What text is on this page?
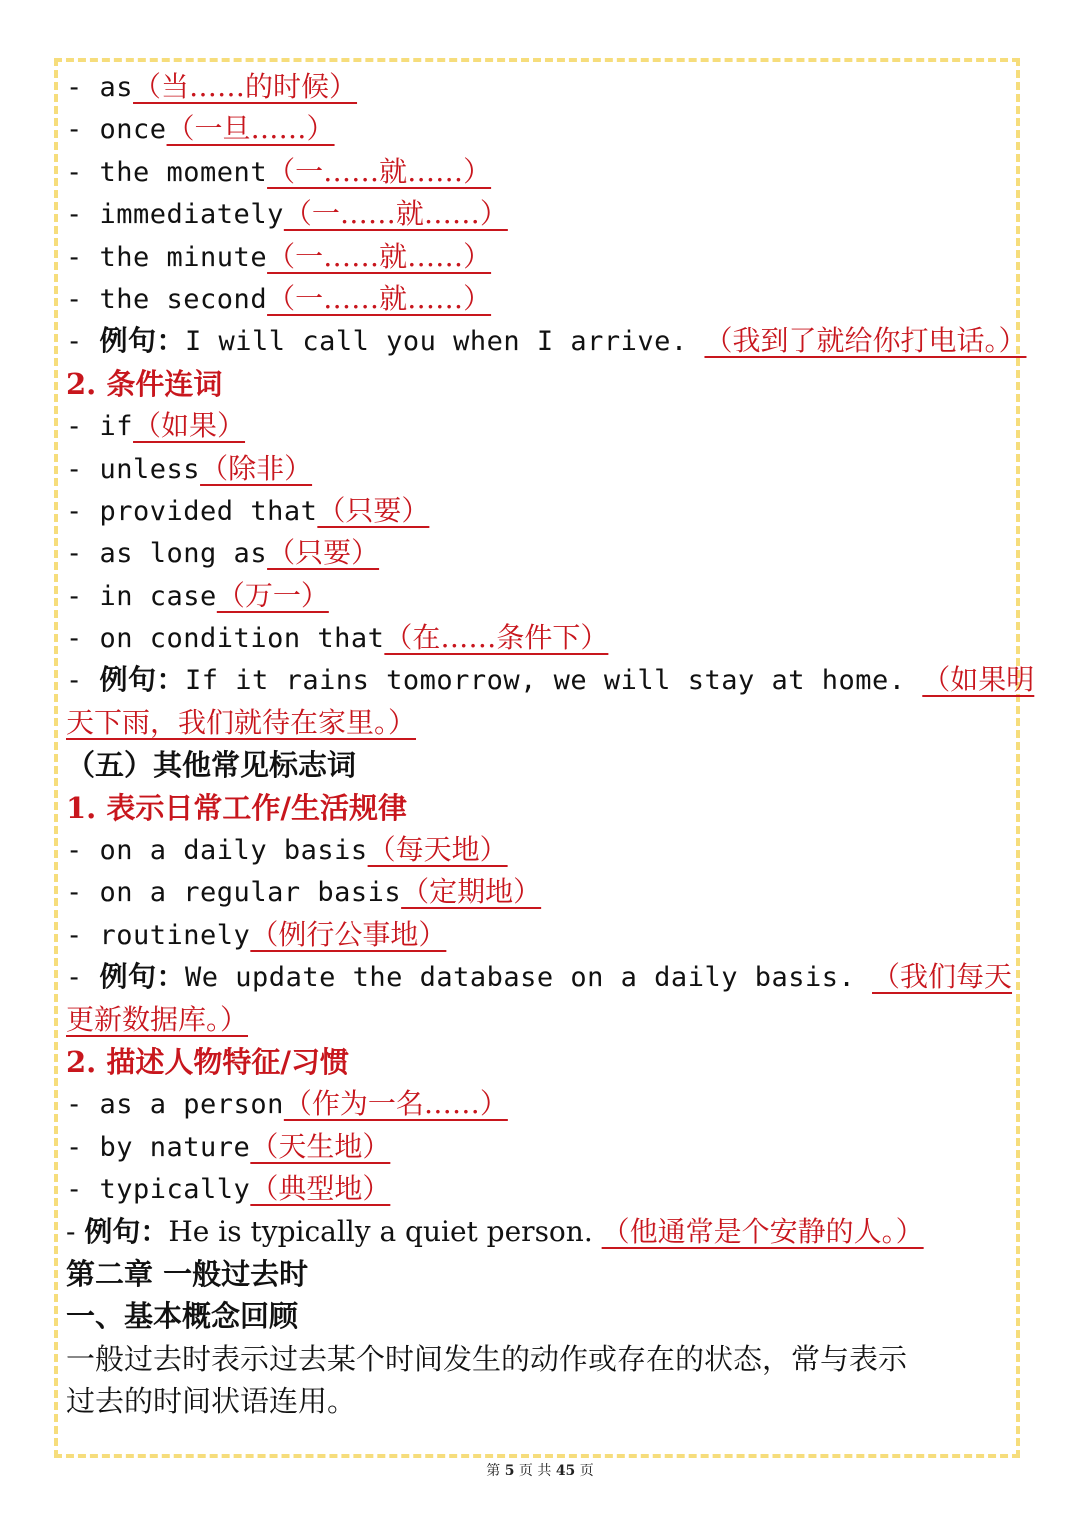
- as（当……的时候）
- once（一旦……）
- the moment（一……就……）
- immediately（一……就……）
- the minute（一……就……）
- the second（一……就……）
- 例句：I will call you when I arrive. （我到了就给你打电话。）
2. 条件连词
- if（如果）
- unless（除非）
- provided that（只要）
- as long as（只要）
- in case（万一）
- on condition that（在……条件下）
- 例句：If it rains tomorrow, we will stay at home. （如果明
天下雨，我们就待在家里。）
（五）其他常见标志词
1. 表示日常工作/生活规律
- on a daily basis（每天地）
- on a regular basis（定期地）
- routinely（例行公事地）
- 例句：We update the database on a daily basis. （我们每天
更新数据库。）
2. 描述人物特征/习惯
- as a person（作为一名……）
- by nature（天生地）
- typically（典型地）
- 例句：He is typically a quiet person. （他通常是个安静的人。）
第二章 一般过去时
一、基本概念回顾
一般过去时表示过去某个时间发生的动作或存在的状态，常与表示
过去的时间状语连用。
第 5 页 共 45 页
